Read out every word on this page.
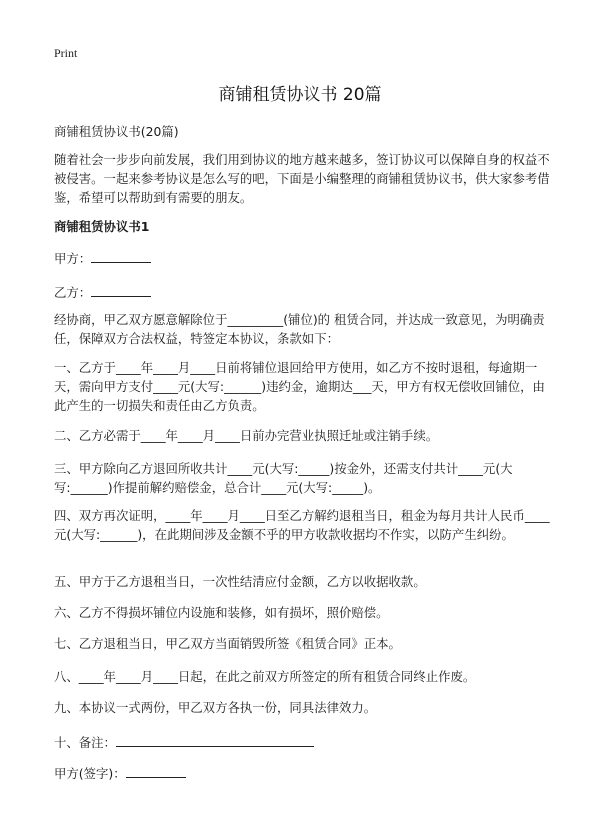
Print
商铺租赁协议书 20篇
商铺租赁协议书(20篇)
随着社会一步步向前发展，我们用到协议的地方越来越多，签订协议可以保障自身的权益不被侵害。一起来参考协议是怎么写的吧，下面是小编整理的商铺租赁协议书，供大家参考借鉴，希望可以帮助到有需要的朋友。
商铺租赁协议书1
甲方：
乙方：
经协商，甲乙双方愿意解除位于_________(铺位)的 租赁合同，并达成一致意见，为明确责任，保障双方合法权益，特签定本协议，条款如下：
一、乙方于____年____月____日前将铺位退回给甲方使用，如乙方不按时退租，每逾期一天，需向甲方支付____元(大写:______)违约金，逾期达___天，甲方有权无偿收回铺位，由此产生的一切损失和责任由乙方负责。
二、乙方必需于____年____月____日前办完营业执照迁址或注销手续。
三、甲方除向乙方退回所收共计____元(大写:_____)按金外，还需支付共计____元(大写:______)作提前解约赔偿金，总合计____元(大写:_____)。
四、双方再次证明，____年____月____日至乙方解约退租当日，租金为每月共计人民币____元(大写:______)，在此期间涉及金额不乎的甲方收款收据均不作实，以防产生纠纷。
五、甲方于乙方退租当日，一次性结清应付金额，乙方以收据收款。
六、乙方不得损坏铺位内设施和装修，如有损坏，照价赔偿。
七、乙方退租当日，甲乙双方当面销毁所签《租赁合同》正本。
八、____年____月____日起，在此之前双方所签定的所有租赁合同终止作废。
九、本协议一式两份，甲乙双方各执一份，同具法律效力。
十、备注：
甲方(签字)：
